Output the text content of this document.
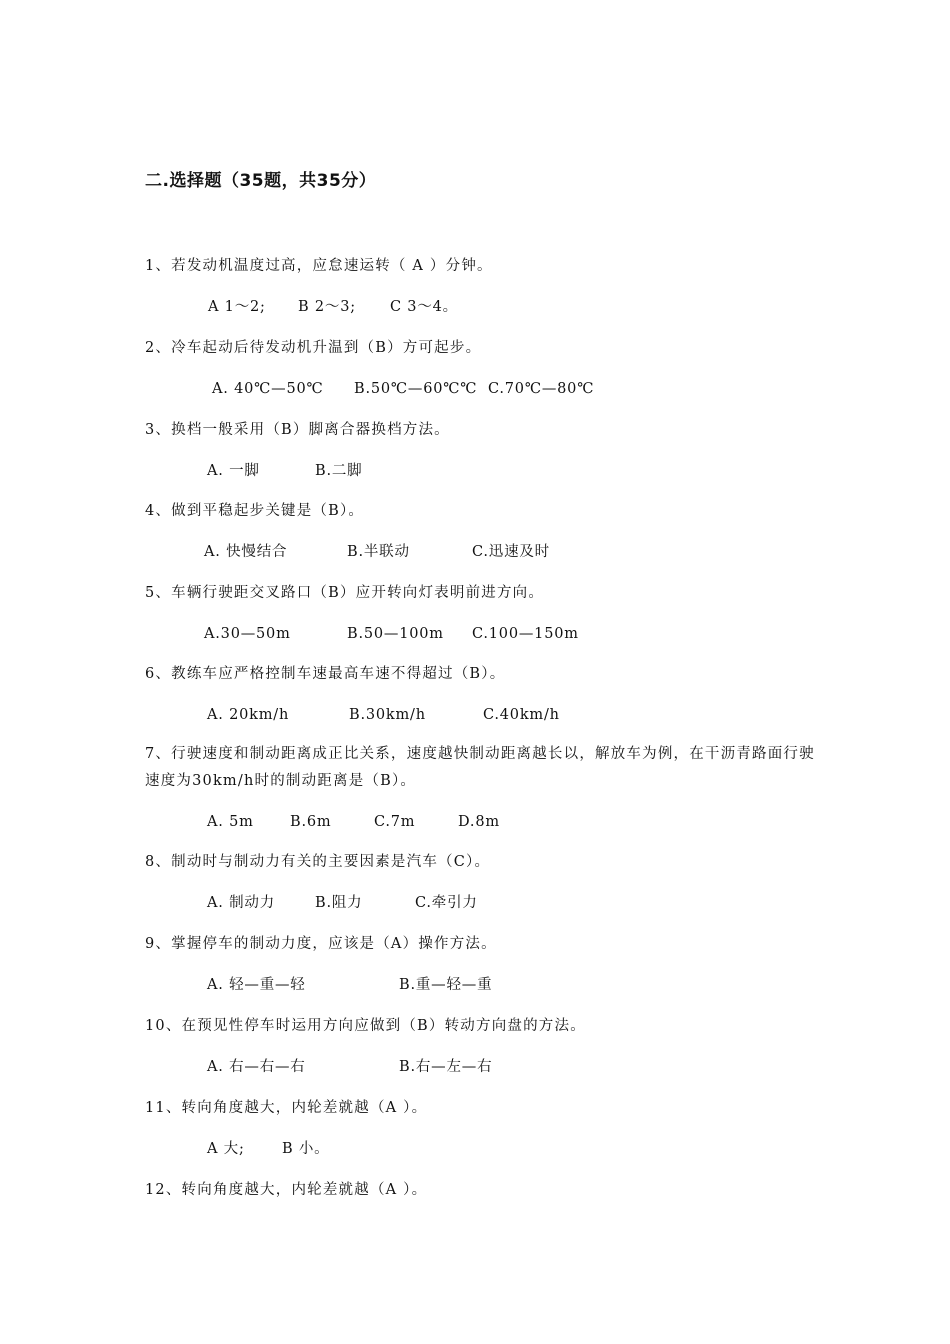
二.选择题（35题，共35分）
1、若发动机温度过高，应怠速运转（ A ）分钟。
A 1～2; B 2～3; C 3～4。
2、冷车起动后待发动机升温到（B）方可起步。
A. 40℃—50℃ B.50℃—60℃℃ C.70℃—80℃
3、换档一般采用（B）脚离合器换档方法。
A. 一脚	B.二脚
4、做到平稳起步关键是（B）。
A. 快慢结合	B.半联动	C.迅速及时
5、车辆行驶距交叉路口（B）应开转向灯表明前进方向。
A.30—50m	B.50—100m C.100—150m
6、教练车应严格控制车速最高车速不得超过（B）。
A. 20km/h	B.30km/h	C.40km/h
7、行驶速度和制动距离成正比关系，速度越快制动距离越长以，解放车为例，在干沥青路面行驶速度为30km/h时的制动距离是（B）。
A. 5m	B.6m	C.7m	D.8m
8、制动时与制动力有关的主要因素是汽车（C）。
A. 制动力	B.阻力	C.牵引力
9、掌握停车的制动力度，应该是（A）操作方法。
A. 轻—重—轻	B.重—轻—重
10、在预见性停车时运用方向应做到（B）转动方向盘的方法。
A. 右—右—右	B.右—左—右
11、转向角度越大，内轮差就越（A ）。
A 大;	B 小。
12、转向角度越大，内轮差就越（A ）。
